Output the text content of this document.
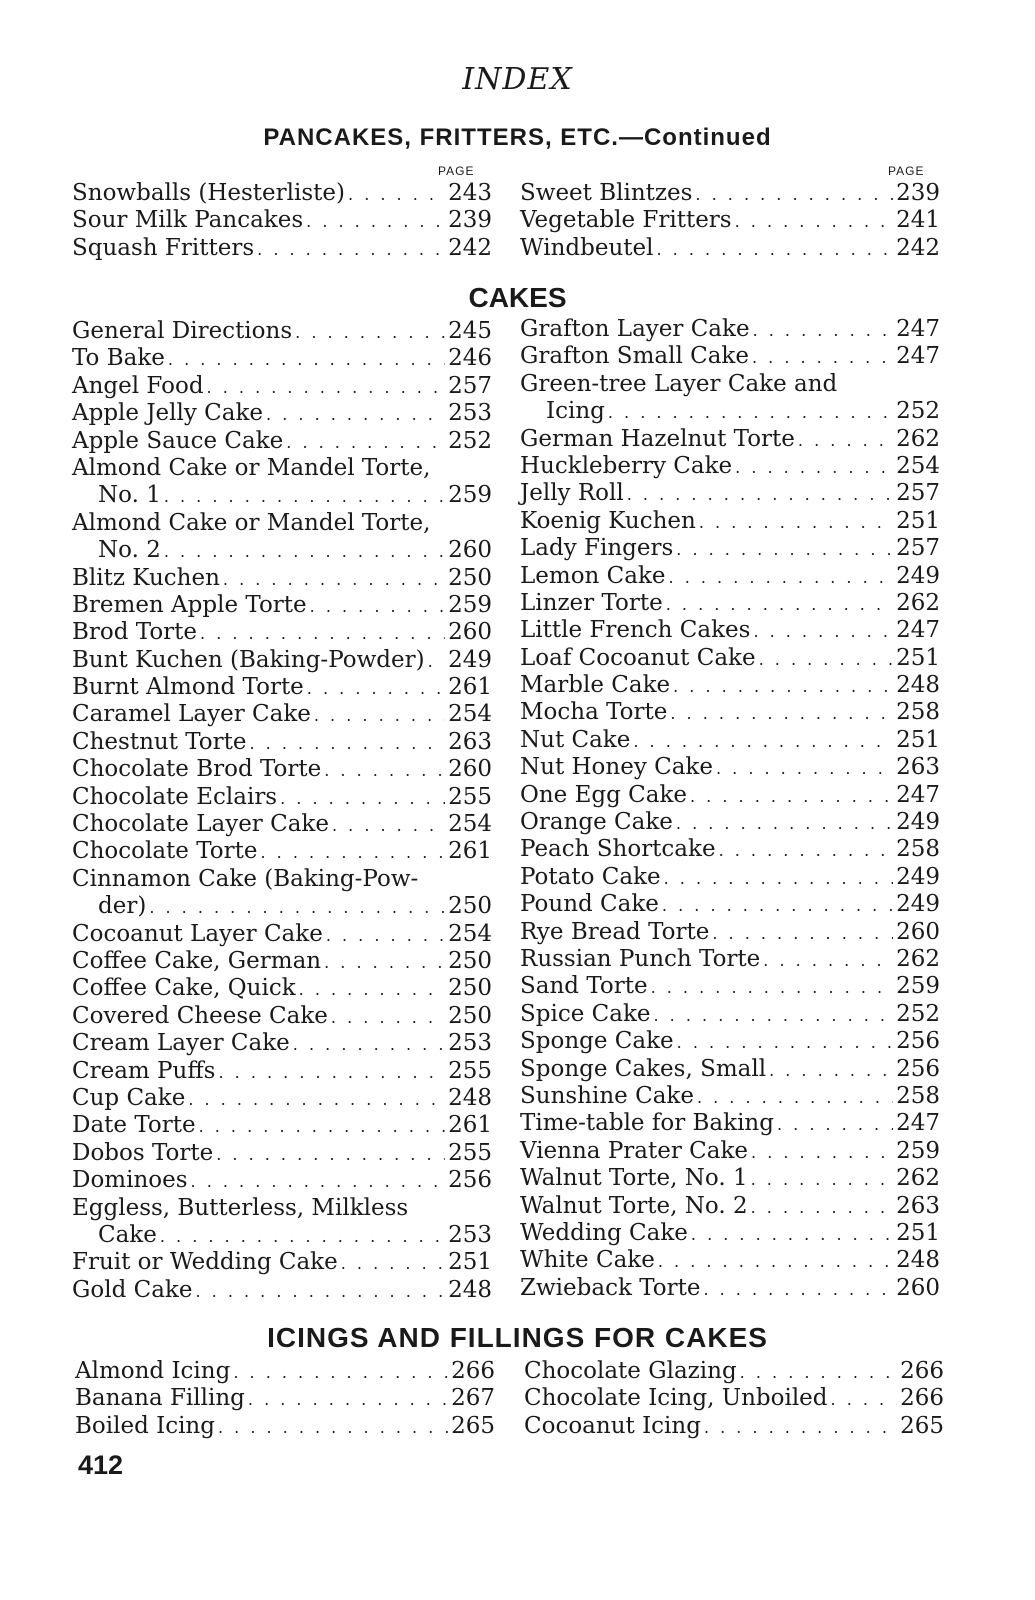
INDEX
PANCAKES, FRITTERS, ETC.—Continued
PAGE	PAGE
Snowballs (Hesterliste) . . .	243
Sour Milk Pancakes . . .	239
Squash Fritters . . .	242
Sweet Blintzes . . .	239
Vegetable Fritters . . .	241
Windbeutel . . .	242
CAKES
General Directions . . .	245
To Bake . . .	246
Angel Food . . .	257
Apple Jelly Cake . . .	253
Apple Sauce Cake . . .	252
Almond Cake or Mandel Torte,
No. 1 . . .	259
Almond Cake or Mandel Torte,
No. 2 . . .	260
Blitz Kuchen . . .	250
Bremen Apple Torte . . .	259
Brod Torte . . .	260
Bunt Kuchen (Baking-Powder) . . . 249
Burnt Almond Torte . . .	261
Caramel Layer Cake . . .	254
Chestnut Torte . . .	263
Chocolate Brod Torte . . .	260
Chocolate Eclairs . . .	255
Chocolate Layer Cake . . .	254
Chocolate Torte . . .	261
Cinnamon Cake (Baking-Pow-
der) . . .	250
Cocoanut Layer Cake . . .	254
Coffee Cake, German . . .	250
Coffee Cake, Quick . . .	250
Covered Cheese Cake . . .	250
Cream Layer Cake . . .	253
Cream Puffs . . .	255
Cup Cake . . .	248
Date Torte . . .	261
Dobos Torte . . .	255
Dominoes . . .	256
Eggless, Butterless, Milkless
Cake . . .	253
Fruit or Wedding Cake . . .	251
Gold Cake . . .	248
Grafton Layer Cake . . .	247
Grafton Small Cake . . .	247
Green-tree Layer Cake and
Icing . . .	252
German Hazelnut Torte . . .	262
Huckleberry Cake . . .	254
Jelly Roll . . .	257
Koenig Kuchen . . .	251
Lady Fingers . . .	257
Lemon Cake . . .	249
Linzer Torte . . .	262
Little French Cakes . . .	247
Loaf Cocoanut Cake . . .	251
Marble Cake . . .	248
Mocha Torte . . .	258
Nut Cake . . .	251
Nut Honey Cake . . .	263
One Egg Cake . . .	247
Orange Cake . . .	249
Peach Shortcake . . .	258
Potato Cake . . .	249
Pound Cake . . .	249
Rye Bread Torte . . .	260
Russian Punch Torte . . .	262
Sand Torte . . .	259
Spice Cake . . .	252
Sponge Cake . . .	256
Sponge Cakes, Small . . .	256
Sunshine Cake . . .	258
Time-table for Baking . . .	247
Vienna Prater Cake . . .	259
Walnut Torte, No. 1 . . .	262
Walnut Torte, No. 2 . . .	263
Wedding Cake . . .	251
White Cake . . .	248
Zwieback Torte . . .	260
ICINGS AND FILLINGS FOR CAKES
Almond Icing . . .	266
Banana Filling . . .	267
Boiled Icing . . .	265
Chocolate Glazing . . .	266
Chocolate Icing, Unboiled . . .	266
Cocoanut Icing . . .	265
412
